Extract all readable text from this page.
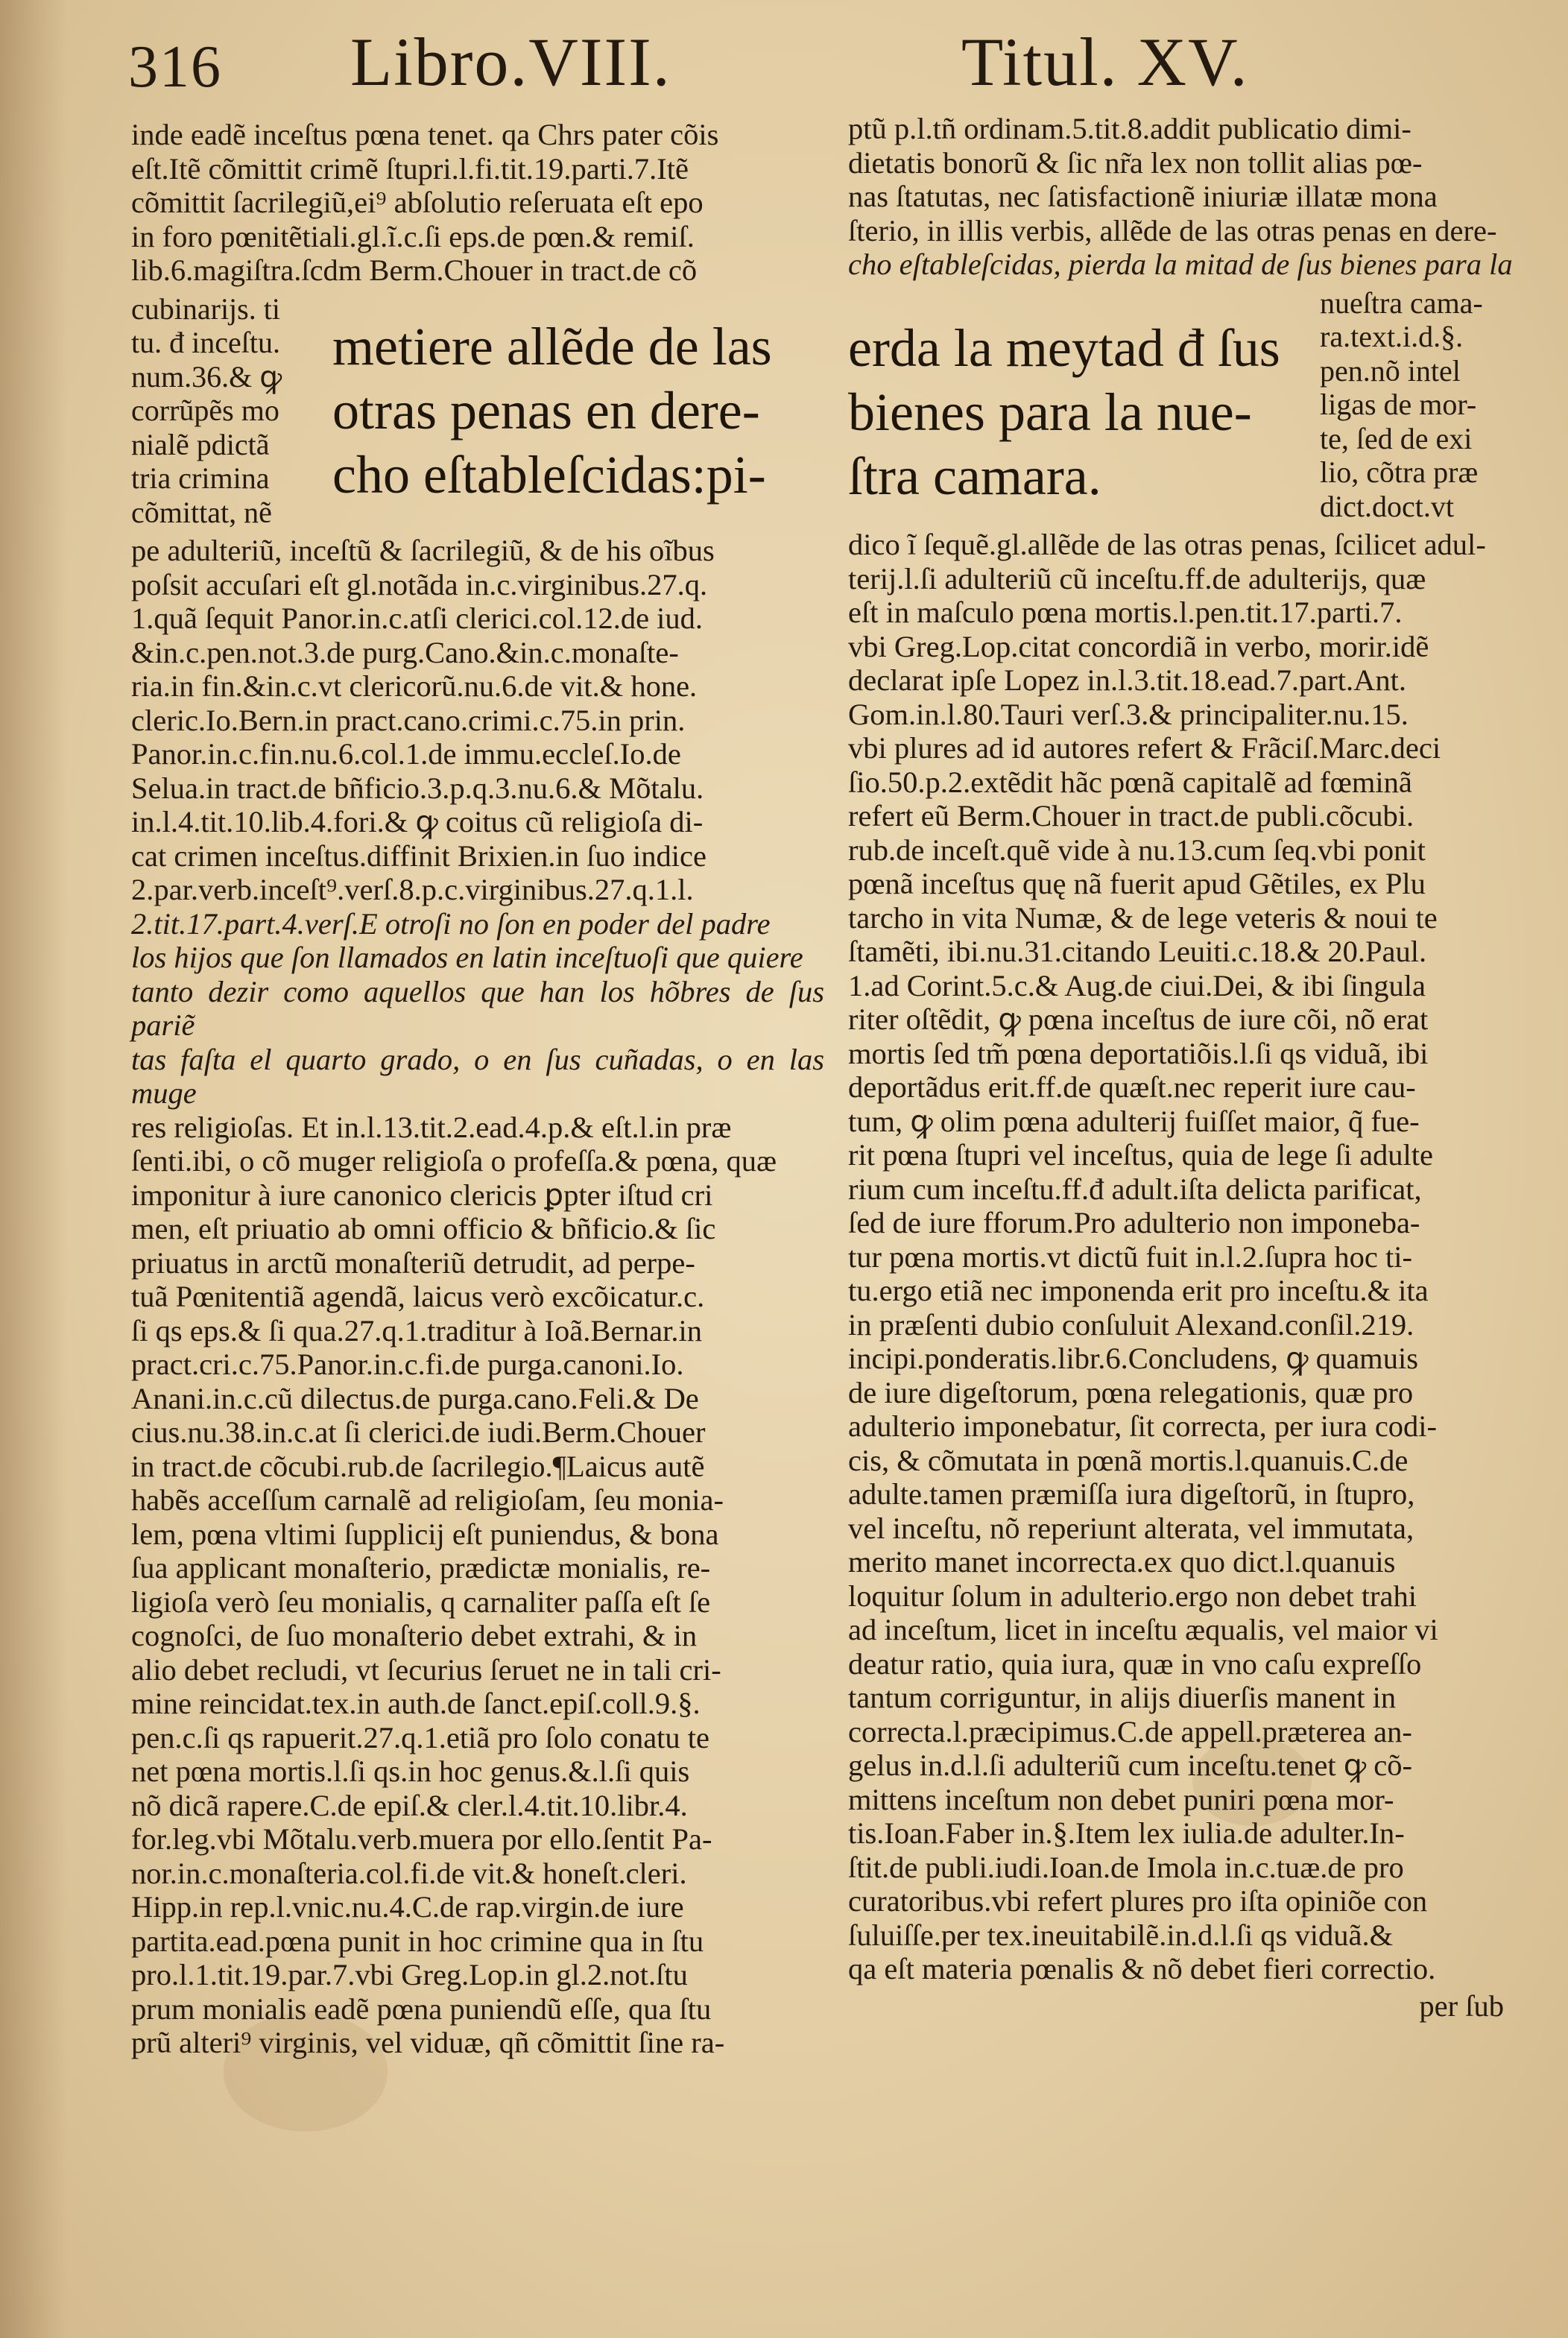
316 Libro.VIII.	Titul. XV.

inde eadẽ inceſtus pœna tenet. qa Chrs pater cõis

eſt.Itẽ cõmittit crimẽ ſtupri.l.fi.tit.19.parti.7.Itẽ

cõmittit ſacrilegiũ,ei⁹ abſolutio reſeruata eſt epo

in foro pœnitẽtiali.gl.ĩ.c.ſi eps.de pœn.& remiſ.

lib.6.magiſtra.ſcdm Berm.Chouer in tract.de cõ

cubinarijs. ti
tu. đ inceſtu.
num.36.& ꝙ
corrũpẽs mo
nialẽ pdictã
tria crimina
cõmittat, nẽ

metiere allẽde de las

otras penas en dere-

cho eſtableſcidas:pi-

pe adulteriũ, inceſtũ & ſacrilegiũ, & de his oĩbus

poſsit accuſari eſt gl.notãda in.c.virginibus.27.q.

1.quã ſequit Panor.in.c.atſi clerici.col.12.de iud.

&in.c.pen.not.3.de purg.Cano.&in.c.monaſte-

ria.in fin.&in.c.vt clericorũ.nu.6.de vit.& hone.

cleric.Io.Bern.in pract.cano.crimi.c.75.in prin.

Panor.in.c.fin.nu.6.col.1.de immu.eccleſ.Io.de

Selua.in tract.de bñficio.3.p.q.3.nu.6.& Mõtalu.

in.l.4.tit.10.lib.4.fori.& ꝙ coitus cũ religioſa di-

cat crimen inceſtus.diffinit Brixien.in ſuo indice

2.par.verb.inceſt⁹.verſ.8.p.c.virginibus.27.q.1.l.

2.tit.17.part.4.verſ.E otroſi no ſon en poder del padre

los hijos que ſon llamados en latin inceſtuoſi que quiere

tanto dezir como aquellos que han los hõbres de ſus pariẽ

tas faſta el quarto grado, o en ſus cuñadas, o en las muge

res religioſas. Et in.l.13.tit.2.ead.4.p.& eſt.l.in præ

ſenti.ibi, o cõ muger religioſa o profeſſa.& pœna, quæ

imponitur à iure canonico clericis ꝑpter iſtud cri

men, eſt priuatio ab omni officio & bñficio.& ſic

priuatus in arctũ monaſteriũ detrudit, ad perpe-

tuã Pœnitentiã agendã, laicus verò excõicatur.c.

ſi qs eps.& ſi qua.27.q.1.traditur à Ioã.Bernar.in

pract.cri.c.75.Panor.in.c.fi.de purga.canoni.Io.

Anani.in.c.cũ dilectus.de purga.cano.Feli.& De

cius.nu.38.in.c.at ſi clerici.de iudi.Berm.Chouer

in tract.de cõcubi.rub.de ſacrilegio.¶Laicus autẽ

habẽs acceſſum carnalẽ ad religioſam, ſeu monia-

lem, pœna vltimi ſupplicij eſt puniendus, & bona

ſua applicant monaſterio, prædictæ monialis, re-

ligioſa verò ſeu monialis, q carnaliter paſſa eſt ſe

cognoſci, de ſuo monaſterio debet extrahi, & in

alio debet recludi, vt ſecurius ſeruet ne in tali cri-

mine reincidat.tex.in auth.de ſanct.epiſ.coll.9.§.

pen.c.ſi qs rapuerit.27.q.1.etiã pro ſolo conatu te

net pœna mortis.l.ſi qs.in hoc genus.&.l.ſi quis

nõ dicã rapere.C.de epiſ.& cler.l.4.tit.10.libr.4.

for.leg.vbi Mõtalu.verb.muera por ello.ſentit Pa-

nor.in.c.monaſteria.col.fi.de vit.& honeſt.cleri.

Hipp.in rep.l.vnic.nu.4.C.de rap.virgin.de iure

partita.ead.pœna punit in hoc crimine qua in ſtu

pro.l.1.tit.19.par.7.vbi Greg.Lop.in gl.2.not.ſtu

prum monialis eadẽ pœna puniendũ eſſe, qua ſtu

prũ alteri⁹ virginis, vel viduæ, qñ cõmittit ſine ra-

ptũ p.l.tñ ordinam.5.tit.8.addit publicatio dimi-

dietatis bonorũ & ſic nr̃a lex non tollit alias pœ-

nas ſtatutas, nec ſatisfactionẽ iniuriæ illatæ mona

ſterio, in illis verbis, allẽde de las otras penas en dere-

cho eſtableſcidas, pierda la mitad de ſus bienes para la

erda la meytad đ ſus

bienes para la nue-

ſtra camara.

nueſtra cama-
ra.text.i.d.§.
pen.nõ intel
ligas de mor-
te, ſed de exi
lio, cõtra præ
dict.doct.vt

dico ĩ ſequẽ.gl.allẽde de las otras penas, ſcilicet adul-

terij.l.ſi adulteriũ cũ inceſtu.ff.de adulterijs, quæ

eſt in maſculo pœna mortis.l.pen.tit.17.parti.7.

vbi Greg.Lop.citat concordiã in verbo, morir.idẽ

declarat ipſe Lopez in.l.3.tit.18.ead.7.part.Ant.

Gom.in.l.80.Tauri verſ.3.& principaliter.nu.15.

vbi plures ad id autores refert & Frãciſ.Marc.deci

ſio.50.p.2.extẽdit hãc pœnã capitalẽ ad fœminã

refert eũ Berm.Chouer in tract.de publi.cõcubi.

rub.de inceſt.quẽ vide à nu.13.cum ſeq.vbi ponit

pœnã inceſtus quę nã fuerit apud Gẽtiles, ex Plu

tarcho in vita Numæ, & de lege veteris & noui te

ſtamẽti, ibi.nu.31.citando Leuiti.c.18.& 20.Paul.

1.ad Corint.5.c.& Aug.de ciui.Dei, & ibi ſingula

riter oſtẽdit, ꝙ pœna inceſtus de iure cõi, nõ erat

mortis ſed tm̃ pœna deportatiõis.l.ſi qs viduã, ibi

deportãdus erit.ff.de quæſt.nec reperit iure cau-

tum, ꝙ olim pœna adulterij fuiſſet maior, q̃ fue-

rit pœna ſtupri vel inceſtus, quia de lege ſi adulte

rium cum inceſtu.ff.đ adult.iſta delicta parificat,

ſed de iure fforum.Pro adulterio non imponeba-

tur pœna mortis.vt dictũ fuit in.l.2.ſupra hoc ti-

tu.ergo etiã nec imponenda erit pro inceſtu.& ita

in præſenti dubio conſuluit Alexand.conſil.219.

incipi.ponderatis.libr.6.Concludens, ꝙ quamuis

de iure digeſtorum, pœna relegationis, quæ pro

adulterio imponebatur, ſit correcta, per iura codi-

cis, & cõmutata in pœnã mortis.l.quanuis.C.de

adulte.tamen præmiſſa iura digeſtorũ, in ſtupro,

vel inceſtu, nõ reperiunt alterata, vel immutata,

merito manet incorrecta.ex quo dict.l.quanuis

loquitur ſolum in adulterio.ergo non debet trahi

ad inceſtum, licet in inceſtu æqualis, vel maior vi

deatur ratio, quia iura, quæ in vno caſu expreſſo

tantum corriguntur, in alijs diuerſis manent in

correcta.l.præcipimus.C.de appell.præterea an-

gelus in.d.l.ſi adulteriũ cum inceſtu.tenet ꝙ cõ-

mittens inceſtum non debet puniri pœna mor-

tis.Ioan.Faber in.§.Item lex iulia.de adulter.In-

ſtit.de publi.iudi.Ioan.de Imola in.c.tuæ.de pro

curatoribus.vbi refert plures pro iſta opiniõe con

ſuluiſſe.per tex.ineuitabilẽ.in.d.l.ſi qs viduã.&

qa eſt materia pœnalis & nõ debet fieri correctio.

per ſub
